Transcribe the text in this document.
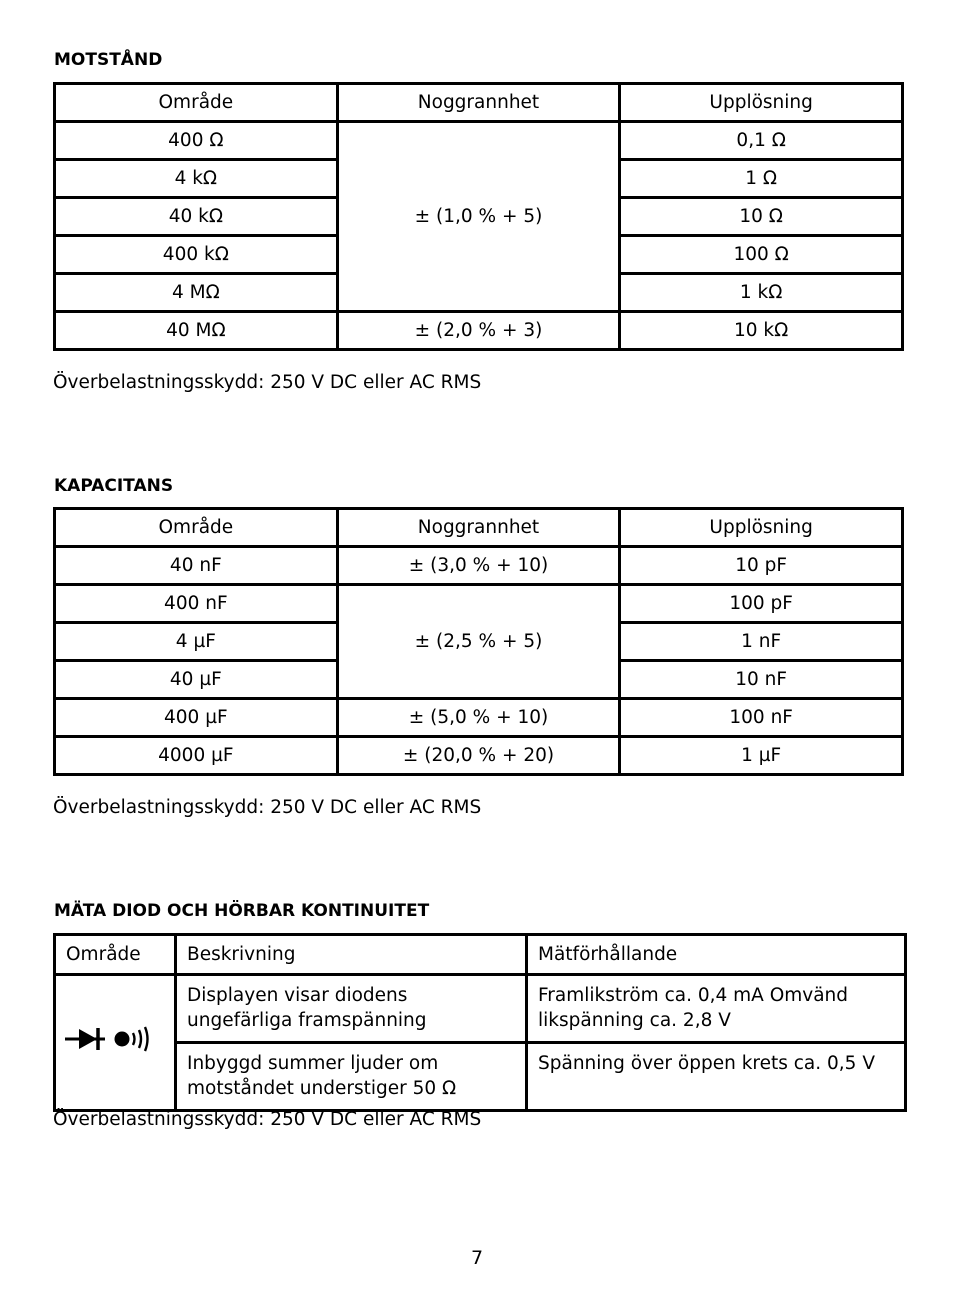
MOTSTÅND
Område	Noggrannhet	Upplösning
400 Ω	± (1,0 % + 5)	0,1 Ω
4 kΩ		1 Ω
40 kΩ		10 Ω
400 kΩ		100 Ω
4 MΩ		1 kΩ
40 MΩ	± (2,0 % + 3)	10 kΩ
Överbelastningsskydd: 250 V DC eller AC RMS
KAPACITANS
Område	Noggrannhet	Upplösning
40 nF	± (3,0 % + 10)	10 pF
400 nF	± (2,5 % + 5)	100 pF
4 µF		1 nF
40 µF		10 nF
400 µF	± (5,0 % + 10)	100 nF
4000 µF	± (20,0 % + 20)	1 µF
Överbelastningsskydd: 250 V DC eller AC RMS
MÄTA DIOD OCH HÖRBAR KONTINUITET
Område	Beskrivning	Mätförhållande
	Displayen visar diodens ungefärliga framspänning	Framlikström ca. 0,4 mA Omvänd likspänning ca. 2,8 V
	Inbyggd summer ljuder om motståndet understiger 50 Ω	Spänning över öppen krets ca. 0,5 V
Överbelastningsskydd: 250 V DC eller AC RMS
7
